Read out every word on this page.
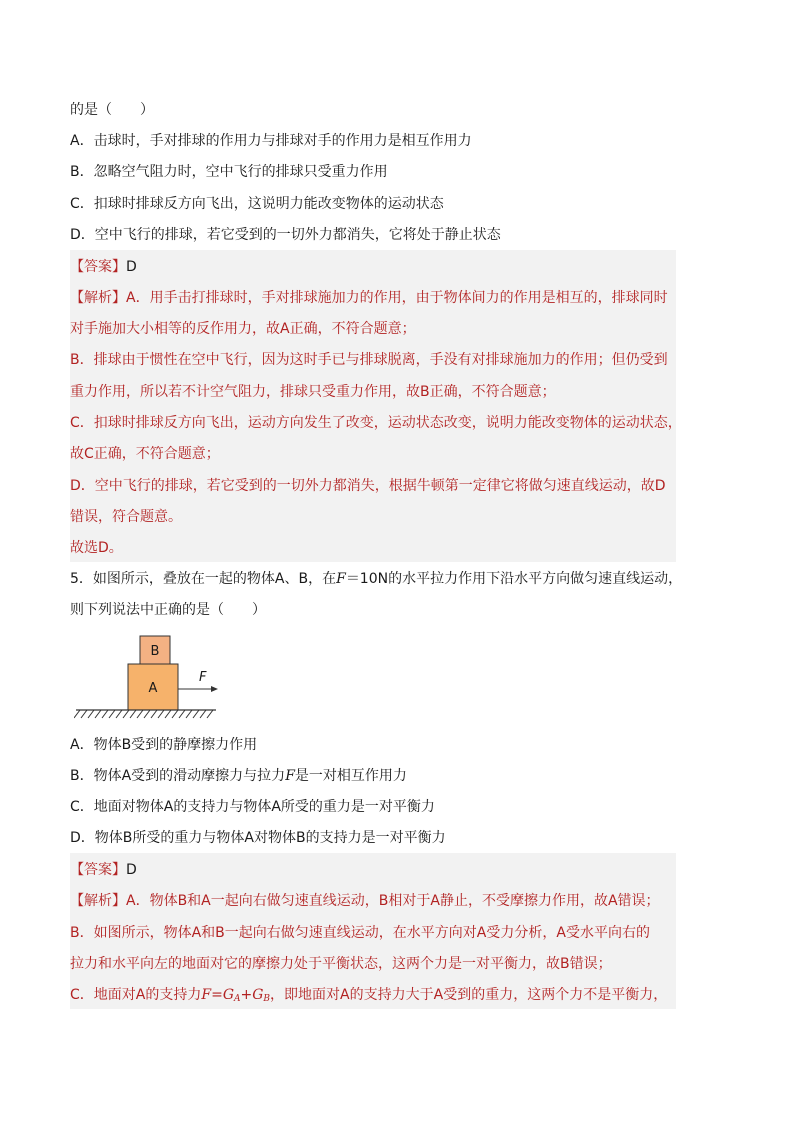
的是（　　）
A．击球时，手对排球的作用力与排球对手的作用力是相互作用力
B．忽略空气阻力时，空中飞行的排球只受重力作用
C．扣球时排球反方向飞出，这说明力能改变物体的运动状态
D．空中飞行的排球，若它受到的一切外力都消失，它将处于静止状态
【答案】D
【解析】A．用手击打排球时，手对排球施加力的作用，由于物体间力的作用是相互的，排球同时
对手施加大小相等的反作用力，故A正确，不符合题意；
B．排球由于惯性在空中飞行，因为这时手已与排球脱离，手没有对排球施加力的作用；但仍受到
重力作用，所以若不计空气阻力，排球只受重力作用，故B正确，不符合题意；
C．扣球时排球反方向飞出，运动方向发生了改变，运动状态改变，说明力能改变物体的运动状态，
故C正确，不符合题意；
D．空中飞行的排球，若它受到的一切外力都消失，根据牛顿第一定律它将做匀速直线运动，故D
错误，符合题意。
故选D。
5．如图所示，叠放在一起的物体A、B，在F＝10N的水平拉力作用下沿水平方向做匀速直线运动，
则下列说法中正确的是（　　）
B
A
F
A．物体B受到的静摩擦力作用
B．物体A受到的滑动摩擦力与拉力F是一对相互作用力
C．地面对物体A的支持力与物体A所受的重力是一对平衡力
D．物体B所受的重力与物体A对物体B的支持力是一对平衡力
【答案】D
【解析】A．物体B和A一起向右做匀速直线运动，B相对于A静止，不受摩擦力作用，故A错误；
B．如图所示，物体A和B一起向右做匀速直线运动，在水平方向对A受力分析，A受水平向右的
拉力和水平向左的地面对它的摩擦力处于平衡状态，这两个力是一对平衡力，故B错误；
C．地面对A的支持力$F=G_A+G_B$，即地面对A的支持力大于A受到的重力，这两个力不是平衡力，
